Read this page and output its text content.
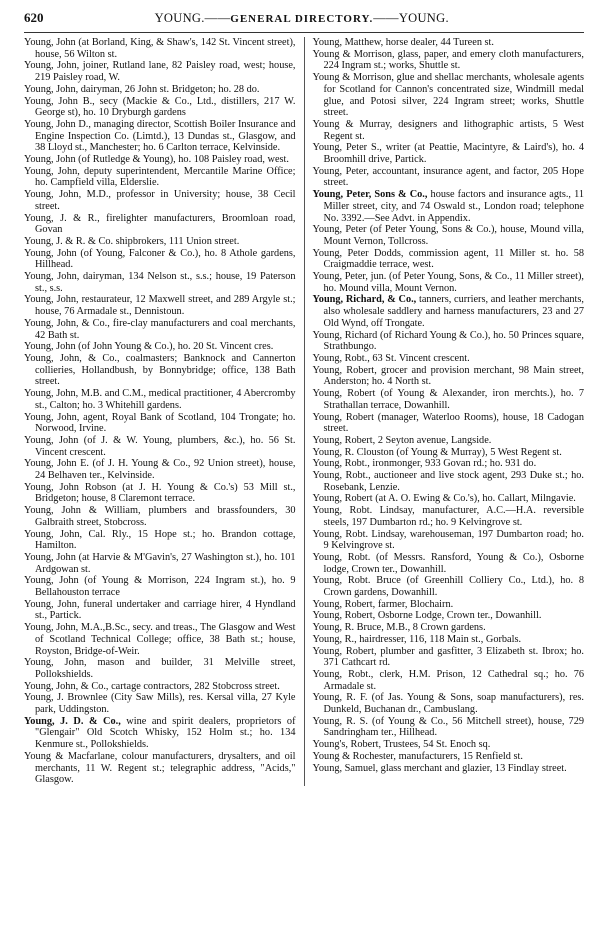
620	YOUNG.——GENERAL DIRECTORY.——YOUNG.

Young, John (at Borland, King, & Shaw's, 142 St. Vincent street), house, 56 Wilton st.

Young, John, joiner, Rutland lane, 82 Paisley road, west; house, 219 Paisley road, W.

Young, John, dairyman, 26 John st. Bridgeton; ho. 28 do.

Young, John B., secy (Mackie & Co., Ltd., distillers, 217 W. George st), ho. 10 Dryburgh gardens

Young, John D., managing director, Scottish Boiler Insurance and Engine Inspection Co. (Limtd.), 13 Dundas st., Glasgow, and 38 Lloyd st., Manchester; ho. 6 Carlton terrace, Kelvinside.

Young, John (of Rutledge & Young), ho. 108 Paisley road, west.

Young, John, deputy superintendent, Mercantile Marine Office; ho. Campfield villa, Elderslie.

Young, John, M.D., professor in University; house, 38 Cecil street.

Young, J. & R., firelighter manufacturers, Broomloan road, Govan

Young, J. & R. & Co. shipbrokers, 111 Union street.

Young, John (of Young, Falconer & Co.), ho. 8 Athole gardens, Hillhead.

Young, John, dairyman, 134 Nelson st., s.s.; house, 19 Paterson st., s.s.

Young, John, restaurateur, 12 Maxwell street, and 289 Argyle st.; house, 76 Armadale st., Dennistoun.

Young, John, & Co., fire-clay manufacturers and coal merchants, 42 Bath st.

Young, John (of John Young & Co.), ho. 20 St. Vincent cres.

Young, John, & Co., coalmasters; Banknock and Cannerton collieries, Hollandbush, by Bonnybridge; office, 138 Bath street.

Young, John, M.B. and C.M., medical practitioner, 4 Abercromby st., Calton; ho. 3 Whitehill gardens.

Young, John, agent, Royal Bank of Scotland, 104 Trongate; ho. Norwood, Irvine.

Young, John (of J. & W. Young, plumbers, &c.), ho. 56 St. Vincent crescent.

Young, John E. (of J. H. Young & Co., 92 Union street), house, 24 Belhaven ter., Kelvinside.

Young, John Robson (at J. H. Young & Co.'s) 53 Mill st., Bridgeton; house, 8 Claremont terrace.

Young, John & William, plumbers and brassfounders, 30 Galbraith street, Stobcross.

Young, John, Cal. Rly., 15 Hope st.; ho. Brandon cottage, Hamilton.

Young, John (at Harvie & M'Gavin's, 27 Washington st.), ho. 101 Ardgowan st.

Young, John (of Young & Morrison, 224 Ingram st.), ho. 9 Bellahouston terrace

Young, John, funeral undertaker and carriage hirer, 4 Hyndland st., Partick.

Young, John, M.A.,B.Sc., secy. and treas., The Glasgow and West of Scotland Technical College; office, 38 Bath st.; house, Royston, Bridge-of-Weir.

Young, John, mason and builder, 31 Melville street, Pollokshields.

Young, John, & Co., cartage contractors, 282 Stobcross street.

Young, J. Brownlee (City Saw Mills), res. Kersal villa, 27 Kyle park, Uddingston.

Young, J. D. & Co., wine and spirit dealers, proprietors of "Glengair" Old Scotch Whisky, 152 Holm st.; ho. 134 Kenmure st., Pollokshields.

Young & Macfarlane, colour manufacturers, drysalters, and oil merchants, 11 W. Regent st.; telegraphic address, "Acids," Glasgow.

Young, Matthew, horse dealer, 44 Tureen st.

Young & Morrison, glass, paper, and emery cloth manufacturers, 224 Ingram st.; works, Shuttle st.

Young & Morrison, glue and shellac merchants, wholesale agents for Scotland for Cannon's concentrated size, Windmill medal glue, and Potosi silver, 224 Ingram street; works, Shuttle street.

Young & Murray, designers and lithographic artists, 5 West Regent st.

Young, Peter S., writer (at Peattie, Macintyre, & Laird's), ho. 4 Broomhill drive, Partick.

Young, Peter, accountant, insurance agent, and factor, 205 Hope street.

Young, Peter, Sons & Co., house factors and insurance agts., 11 Miller street, city, and 74 Oswald st., London road; telephone No. 3392.—See Advt. in Appendix.

Young, Peter (of Peter Young, Sons & Co.), house, Mound villa, Mount Vernon, Tollcross.

Young, Peter Dodds, commission agent, 11 Miller st. ho. 58 Craigmaddie terrace, west.

Young, Peter, jun. (of Peter Young, Sons, & Co., 11 Miller street), ho. Mound villa, Mount Vernon.

Young, Richard, & Co., tanners, curriers, and leather merchants, also wholesale saddlery and harness manufacturers, 23 and 27 Old Wynd, off Trongate.

Young, Richard (of Richard Young & Co.), ho. 50 Princes square, Strathbungo.

Young, Robt., 63 St. Vincent crescent.

Young, Robert, grocer and provision merchant, 98 Main street, Anderston; ho. 4 North st.

Young, Robert (of Young & Alexander, iron merchts.), ho. 7 Strathallan terrace, Dowanhill.

Young, Robert (manager, Waterloo Rooms), house, 18 Cadogan street.

Young, Robert, 2 Seyton avenue, Langside.

Young, R. Clouston (of Young & Murray), 5 West Regent st.

Young, Robt., ironmonger, 933 Govan rd.; ho. 931 do.

Young, Robt., auctioneer and live stock agent, 293 Duke st.; ho. Rosebank, Lenzie.

Young, Robert (at A. O. Ewing & Co.'s), ho. Callart, Milngavie.

Young, Robt. Lindsay, manufacturer, A.C.—H.A. reversible steels, 197 Dumbarton rd.; ho. 9 Kelvingrove st.

Young, Robt. Lindsay, warehouseman, 197 Dumbarton road; ho. 9 Kelvingrove st.

Young, Robt. (of Messrs. Ransford, Young & Co.), Osborne lodge, Crown ter., Dowanhill.

Young, Robt. Bruce (of Greenhill Colliery Co., Ltd.), ho. 8 Crown gardens, Dowanhill.

Young, Robert, farmer, Blochairn.

Young, Robert, Osborne Lodge, Crown ter., Dowanhill.

Young, R. Bruce, M.B., 8 Crown gardens.

Young, R., hairdresser, 116, 118 Main st., Gorbals.

Young, Robert, plumber and gasfitter, 3 Elizabeth st. Ibrox; ho. 371 Cathcart rd.

Young, Robt., clerk, H.M. Prison, 12 Cathedral sq.; ho. 76 Armadale st.

Young, R. F. (of Jas. Young & Sons, soap manufacturers), res. Dunkeld, Buchanan dr., Cambuslang.

Young, R. S. (of Young & Co., 56 Mitchell street), house, 729 Sandringham ter., Hillhead.

Young's, Robert, Trustees, 54 St. Enoch sq.

Young & Rochester, manufacturers, 15 Renfield st.

Young, Samuel, glass merchant and glazier, 13 Findlay street.
